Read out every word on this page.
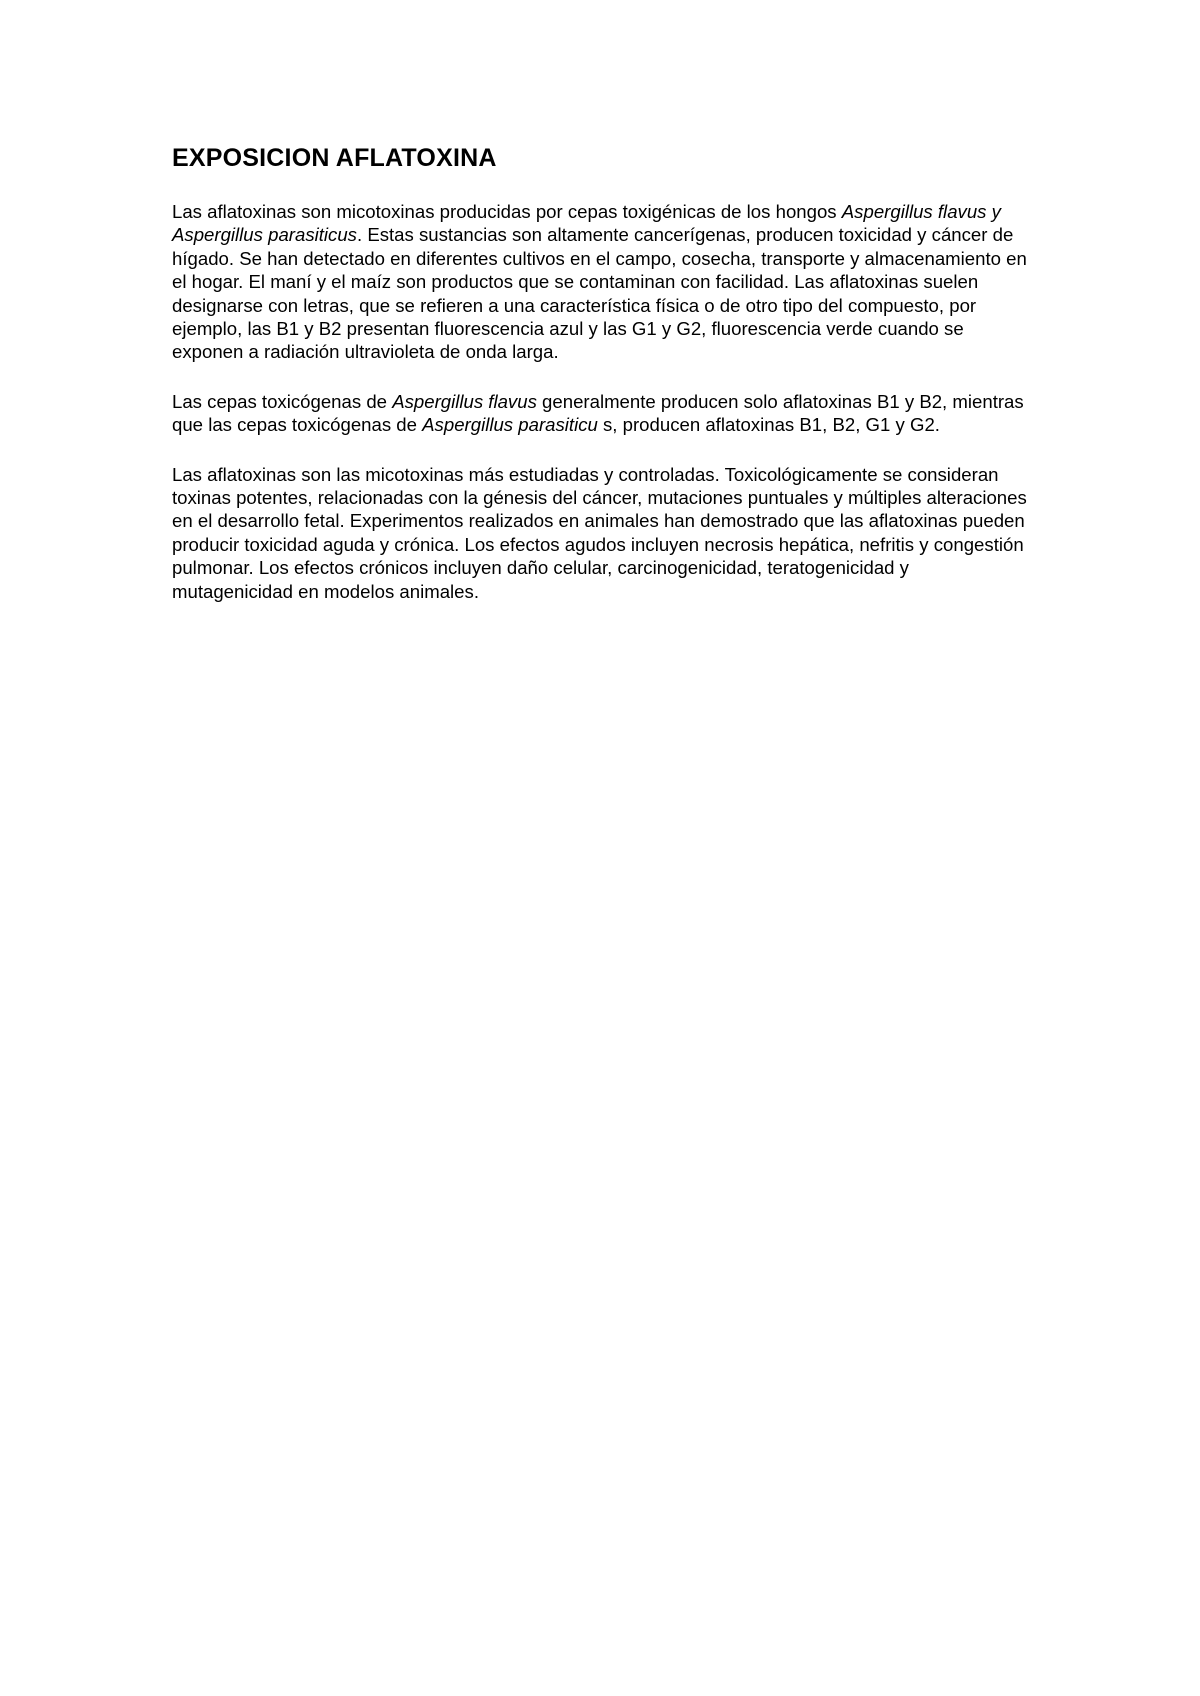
EXPOSICION AFLATOXINA

Las aflatoxinas son micotoxinas producidas por cepas toxigénicas de los hongos Aspergillus flavus y Aspergillus parasiticus. Estas sustancias son altamente cancerígenas, producen toxicidad y cáncer de hígado. Se han detectado en diferentes cultivos en el campo, cosecha, transporte y almacenamiento en el hogar. El maní y el maíz son productos que se contaminan con facilidad. Las aflatoxinas suelen designarse con letras, que se refieren a una característica física o de otro tipo del compuesto, por ejemplo, las B1 y B2 presentan fluorescencia azul y las G1 y G2, fluorescencia verde cuando se exponen a radiación ultravioleta de onda larga.

Las cepas toxicógenas de Aspergillus flavus generalmente producen solo aflatoxinas B1 y B2, mientras que las cepas toxicógenas de Aspergillus parasiticu s, producen aflatoxinas B1, B2, G1 y G2.

Las aflatoxinas son las micotoxinas más estudiadas y controladas. Toxicológicamente se consideran toxinas potentes, relacionadas con la génesis del cáncer, mutaciones puntuales y múltiples alteraciones en el desarrollo fetal. Experimentos realizados en animales han demostrado que las aflatoxinas pueden producir toxicidad aguda y crónica. Los efectos agudos incluyen necrosis hepática, nefritis y congestión pulmonar. Los efectos crónicos incluyen daño celular, carcinogenicidad, teratogenicidad y mutagenicidad en modelos animales.
